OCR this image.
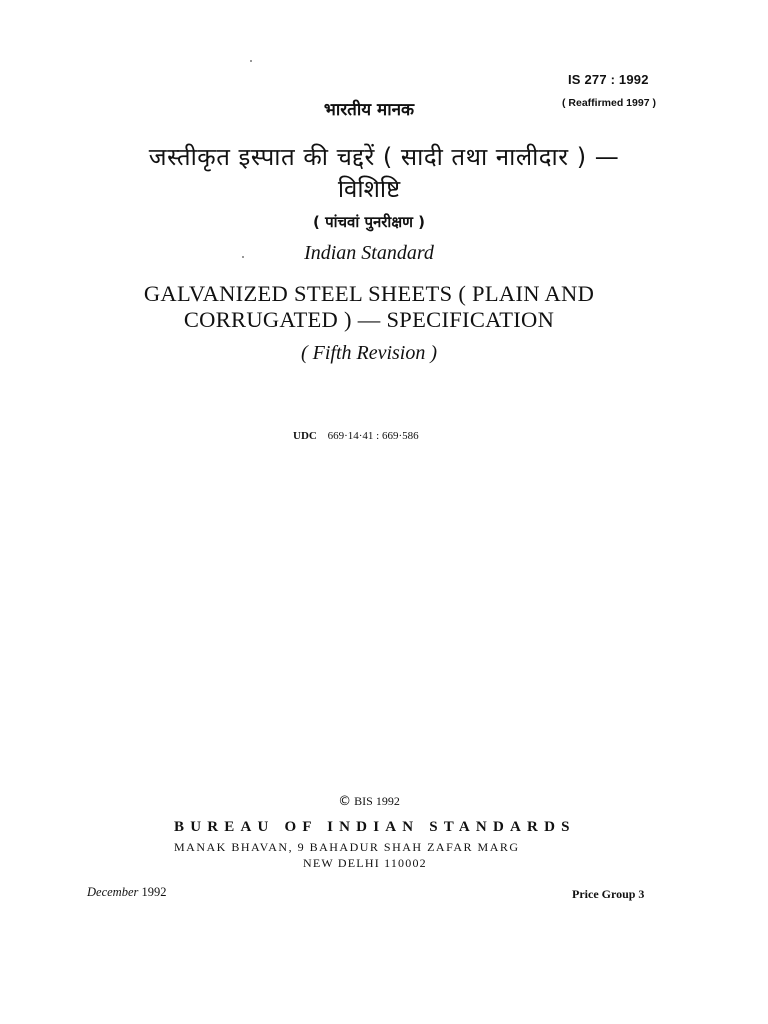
IS 277 : 1992
( Reaffirmed 1997 )
भारतीय मानक
जस्तीकृत इस्पात की चद्दरें ( सादी तथा नालीदार ) —
विशिष्टि
( पांचवां पुनरीक्षण )
Indian Standard
GALVANIZED STEEL SHEETS ( PLAIN AND
CORRUGATED ) — SPECIFICATION
( Fifth Revision )
UDC 669·14·41 : 669·586
© BIS 1992
BUREAU OF INDIAN STANDARDS
MANAK BHAVAN, 9 BAHADUR SHAH ZAFAR MARG
NEW DELHI 110002
December 1992	Price Group 3
